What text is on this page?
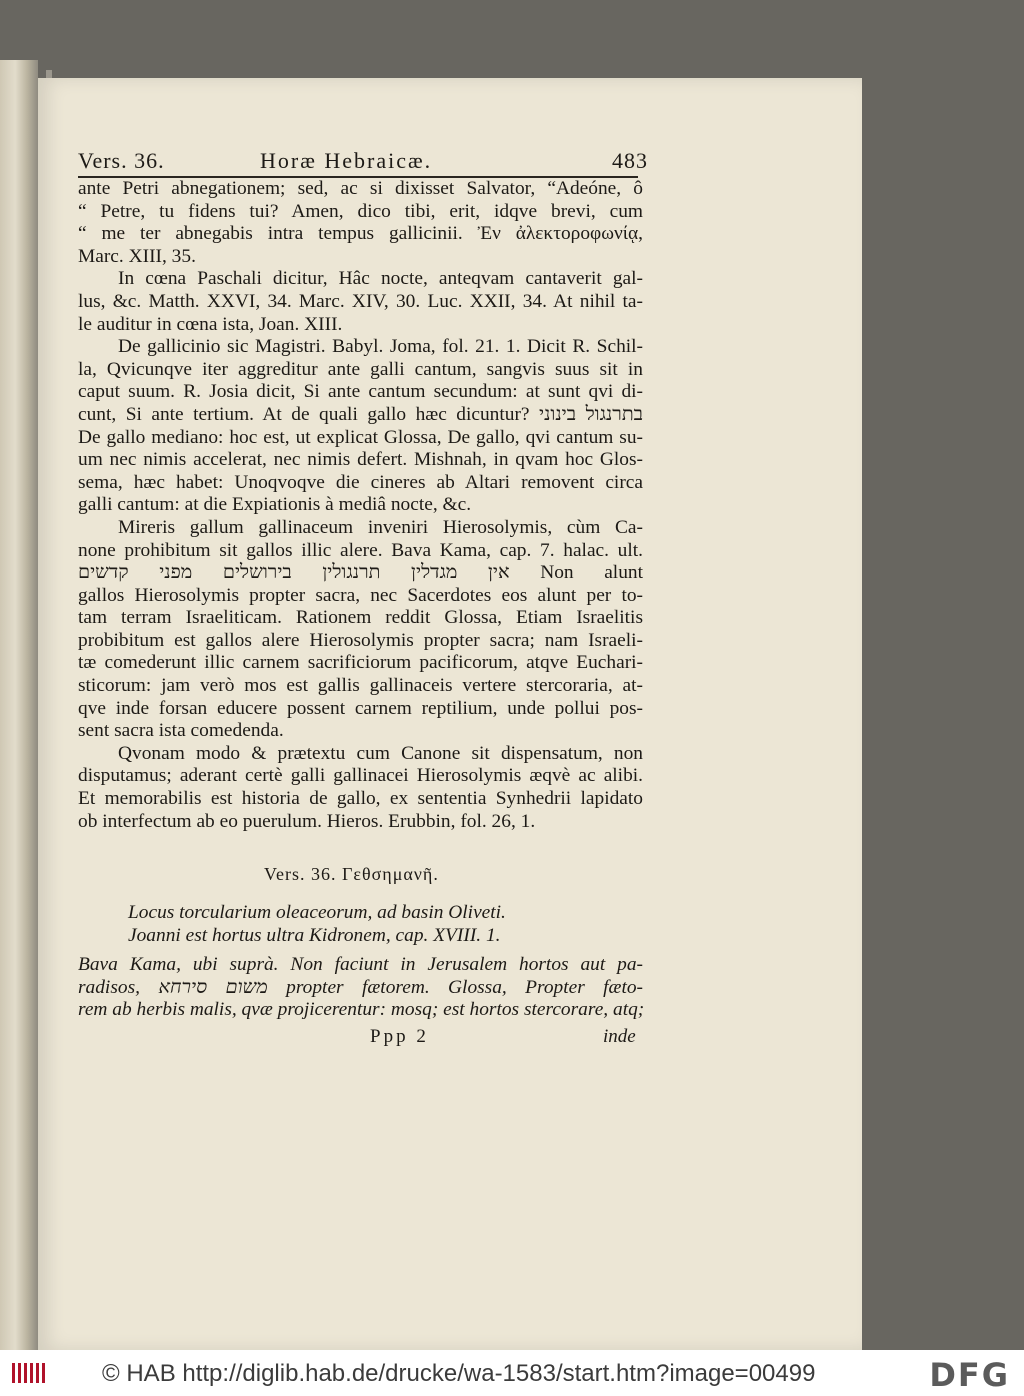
Vers. 36.	Horæ Hebraicæ.	483
ante Petri abnegationem; sed, ac si dixisset Salvator, “Adeóne, ô
“ Petre, tu fidens tui? Amen, dico tibi, erit, idqve brevi, cum
“ me ter abnegabis intra tempus gallicinii. Ἐν ἀλεκτοροφωνίᾳ,
Marc. XIII, 35.
In cœna Paschali dicitur, Hâc nocte, anteqvam cantaverit gal-
lus, &c. Matth. XXVI, 34. Marc. XIV, 30. Luc. XXII, 34. At nihil ta-
le auditur in cœna ista, Joan. XIII.
De gallicinio sic Magistri. Babyl. Joma, fol. 21. 1. Dicit R. Schil-
la, Qvicunqve iter aggreditur ante galli cantum, sangvis suus sit in
caput suum. R. Josia dicit, Si ante cantum secundum: at sunt qvi di-
cunt, Si ante tertium. At de quali gallo hæc dicuntur? בתרנגול בינוני
De gallo mediano: hoc est, ut explicat Glossa, De gallo, qvi cantum su-
um nec nimis accelerat, nec nimis defert. Mishnah, in qvam hoc Glos-
sema, hæc habet: Unoqvoqve die cineres ab Altari removent circa
galli cantum: at die Expiationis à mediâ nocte, &c.
Mireris gallum gallinaceum inveniri Hierosolymis, cùm Ca-
none prohibitum sit gallos illic alere. Bava Kama, cap. 7. halac. ult.
אין מגדלין תרנגולין בירושלים מפני קדשים Non alunt
gallos Hierosolymis propter sacra, nec Sacerdotes eos alunt per to-
tam terram Israeliticam. Rationem reddit Glossa, Etiam Israelitis
probibitum est gallos alere Hierosolymis propter sacra; nam Israeli-
tæ comederunt illic carnem sacrificiorum pacificorum, atqve Euchari-
sticorum: jam verò mos est gallis gallinaceis vertere stercoraria, at-
qve inde forsan educere possent carnem reptilium, unde pollui pos-
sent sacra ista comedenda.
Qvonam modo & prætextu cum Canone sit dispensatum, non
disputamus; aderant certè galli gallinacei Hierosolymis æqvè ac alibi.
Et memorabilis est historia de gallo, ex sententia Synhedrii lapidato
ob interfectum ab eo puerulum. Hieros. Erubbin, fol. 26, 1.
Vers. 36. Γεθσημανῆ.
Locus torcularium oleaceorum, ad basin Oliveti.
Joanni est hortus ultra Kidronem, cap. XVIII. 1.
Bava Kama, ubi suprà. Non faciunt in Jerusalem hortos aut pa-
radisos, משום סירחא propter fætorem. Glossa, Propter fæto-
rem ab herbis malis, qvæ projicerentur: mosq; est hortos stercorare, atq;
Ppp 2	inde
© HAB http://diglib.hab.de/drucke/wa-1583/start.htm?image=00499	DFG
